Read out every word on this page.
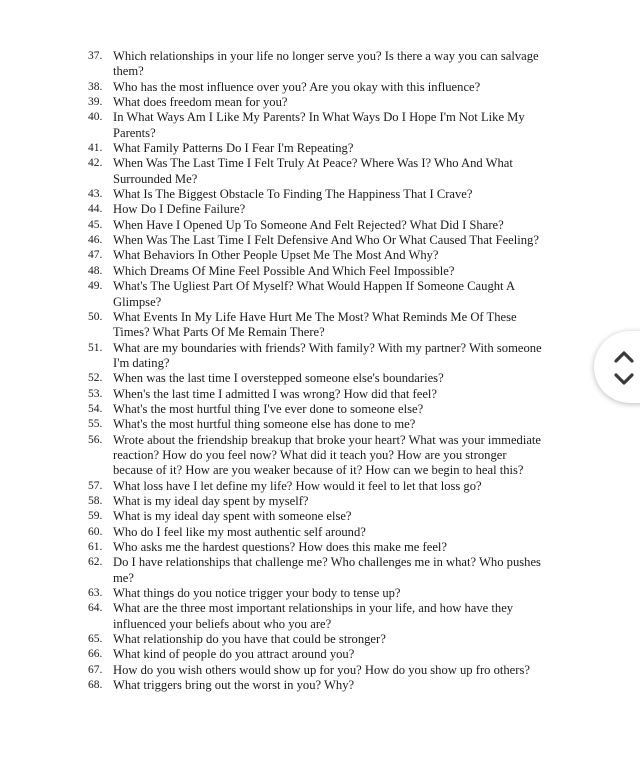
37. Which relationships in your life no longer serve you? Is there a way you can salvage them?
38. Who has the most influence over you? Are you okay with this influence?
39. What does freedom mean for you?
40. In What Ways Am I Like My Parents? In What Ways Do I Hope I'm Not Like My Parents?
41. What Family Patterns Do I Fear I'm Repeating?
42. When Was The Last Time I Felt Truly At Peace? Where Was I? Who And What Surrounded Me?
43. What Is The Biggest Obstacle To Finding The Happiness That I Crave?
44. How Do I Define Failure?
45. When Have I Opened Up To Someone And Felt Rejected? What Did I Share?
46. When Was The Last Time I Felt Defensive And Who Or What Caused That Feeling?
47. What Behaviors In Other People Upset Me The Most And Why?
48. Which Dreams Of Mine Feel Possible And Which Feel Impossible?
49. What's The Ugliest Part Of Myself? What Would Happen If Someone Caught A Glimpse?
50. What Events In My Life Have Hurt Me The Most? What Reminds Me Of These Times? What Parts Of Me Remain There?
51. What are my boundaries with friends? With family? With my partner? With someone I'm dating?
52. When was the last time I overstepped someone else's boundaries?
53. When's the last time I admitted I was wrong? How did that feel?
54. What's the most hurtful thing I've ever done to someone else?
55. What's the most hurtful thing someone else has done to me?
56. Wrote about the friendship breakup that broke your heart? What was your immediate reaction? How do you feel now? What did it teach you? How are you stronger because of it? How are you weaker because of it? How can we begin to heal this?
57. What loss have I let define my life? How would it feel to let that loss go?
58. What is my ideal day spent by myself?
59. What is my ideal day spent with someone else?
60. Who do I feel like my most authentic self around?
61. Who asks me the hardest questions? How does this make me feel?
62. Do I have relationships that challenge me? Who challenges me in what? Who pushes me?
63. What things do you notice trigger your body to tense up?
64. What are the three most important relationships in your life, and how have they influenced your beliefs about who you are?
65. What relationship do you have that could be stronger?
66. What kind of people do you attract around you?
67. How do you wish others would show up for you? How do you show up fro others?
68. What triggers bring out the worst in you? Why?
